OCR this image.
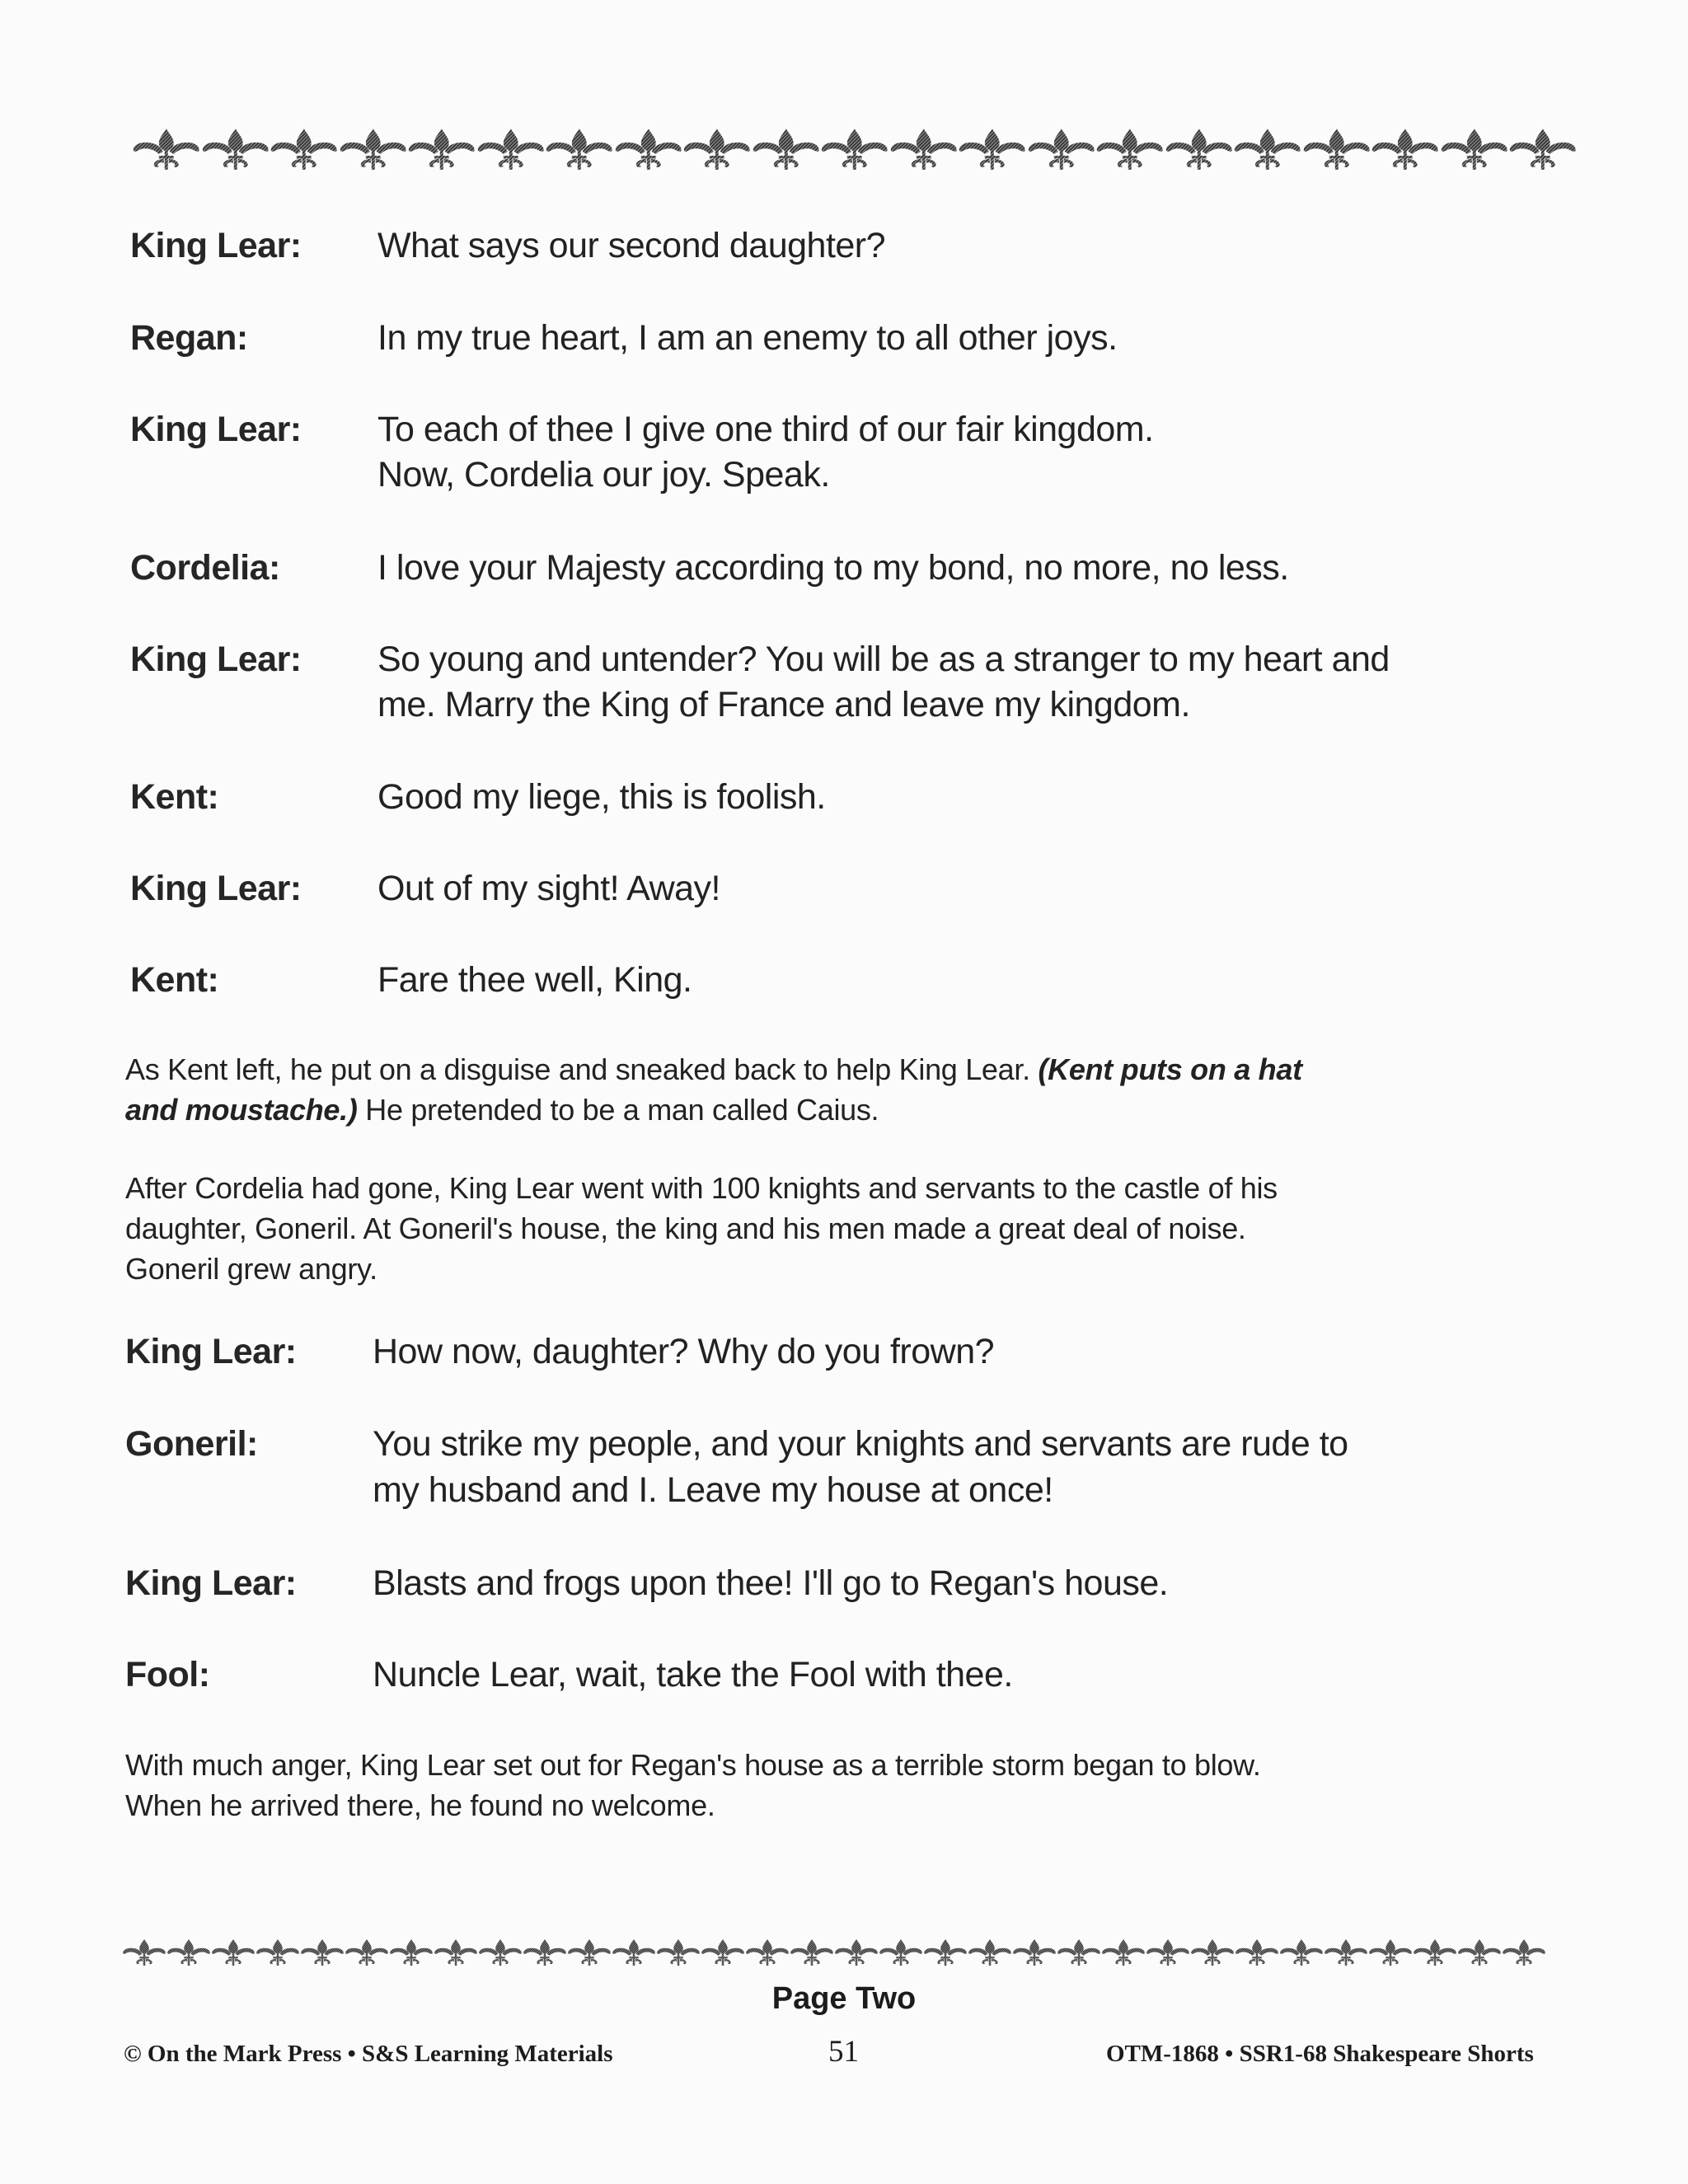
King Lear: What says our second daughter?
Regan:	In my true heart, I am an enemy to all other joys.
King Lear: To each of thee I give one third of our fair kingdom.
Now, Cordelia our joy. Speak.
Cordelia:	I love your Majesty according to my bond, no more, no less.
King Lear: So young and untender? You will be as a stranger to my heart and
me. Marry the King of France and leave my kingdom.
Kent:	Good my liege, this is foolish.
King Lear: Out of my sight! Away!
Kent:	Fare thee well, King.
As Kent left, he put on a disguise and sneaked back to help King Lear. (Kent puts on a hat
and moustache.) He pretended to be a man called Caius.
After Cordelia had gone, King Lear went with 100 knights and servants to the castle of his
daughter, Goneril. At Goneril's house, the king and his men made a great deal of noise.
Goneril grew angry.
King Lear: How now, daughter? Why do you frown?
Goneril:	You strike my people, and your knights and servants are rude to
my husband and I. Leave my house at once!
King Lear: Blasts and frogs upon thee! I'll go to Regan's house.
Fool:	Nuncle Lear, wait, take the Fool with thee.
With much anger, King Lear set out for Regan's house as a terrible storm began to blow.
When he arrived there, he found no welcome.
Page Two
© On the Mark Press • S&S Learning Materials	51	OTM-1868 • SSR1-68 Shakespeare Shorts
